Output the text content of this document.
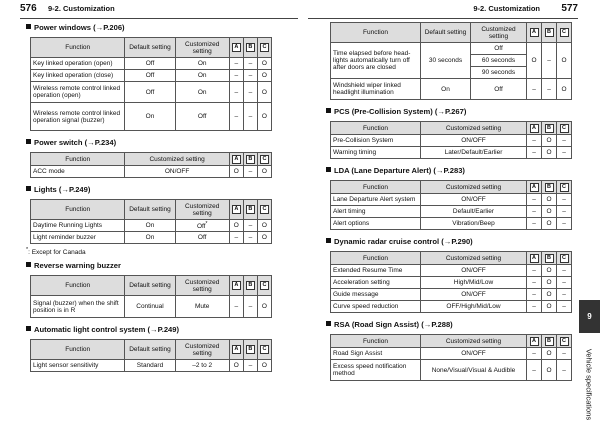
576 9-2. Customization	9-2. Customization 577
Power windows (→P.206)
Function	Default setting	Customized setting	A	B	C
Key linked operation (open)	Off	On	–	–	O
Key linked operation (close)	Off	On	–	–	O
Wireless remote control linked operation (open)	Off	On	–	–	O
Wireless remote control linked operation signal (buzzer)	On	Off	–	–	O
Power switch (→P.234)
Function	Customized setting	A	B	C
ACC mode	ON/OFF	O	–	O
Lights (→P.249)
Function	Default setting	Customized setting	A	B	C
Daytime Running Lights	On	Off*	O	–	O
Light reminder buzzer	On	Off	–	–	O
*: Except for Canada
Reverse warning buzzer
Function	Default setting	Customized setting	A	B	C
Signal (buzzer) when the shift position is in R	Continual	Mute	–	–	O
Automatic light control system (→P.249)
Function	Default setting	Customized setting	A	B	C
Light sensor sensitivity	Standard	–2 to 2	O	–	O
Function	Default setting	Customized setting	A	B	C
Time elapsed before head-lights automatically turn off after doors are closed	30 seconds	Off	O	–	O
		60 seconds			
		90 seconds			
Windshield wiper linked headlight illumination	On	Off	–	–	O
PCS (Pre-Collision System) (→P.267)
Function	Customized setting	A	B	C
Pre-Collision System	ON/OFF	–	O	–
Warning timing	Later/Default/Earlier	–	O	–
LDA (Lane Departure Alert) (→P.283)
Function	Customized setting	A	B	C
Lane Departure Alert system	ON/OFF	–	O	–
Alert timing	Default/Earlier	–	O	–
Alert options	Vibration/Beep	–	O	–
Dynamic radar cruise control (→P.290)
Function	Customized setting	A	B	C
Extended Resume Time	ON/OFF	–	O	–
Acceleration setting	High/Mid/Low	–	O	–
Guide message	ON/OFF	–	O	–
Curve speed reduction	OFF/High/Mid/Low	–	O	–
RSA (Road Sign Assist) (→P.288)
Function	Customized setting	A	B	C
Road Sign Assist	ON/OFF	–	O	–
Excess speed notification method	None/Visual/Visual & Audible	–	O	–
9
Vehicle specifications
